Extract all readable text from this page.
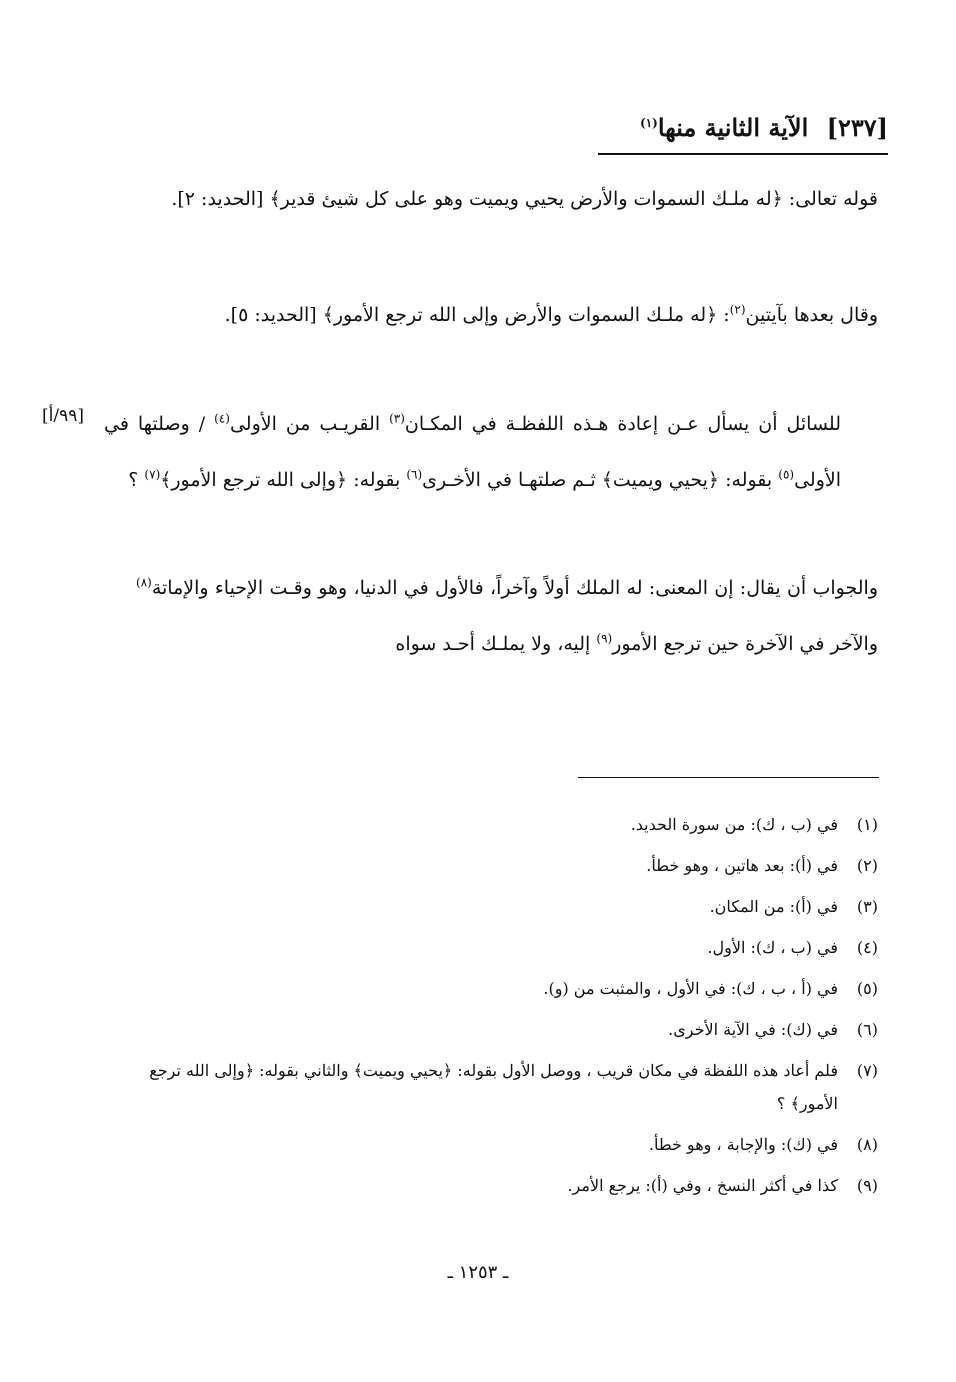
[٢٣٧] الآية الثانية منها$^{(١)}$

قوله تعالى: ﴿له ملـك السموات والأرض يحيي ويميت وهو على كل شيئ قدير﴾ [الحديد: ٢].

وقال بعدها بآيتين$^{(٢)}$: ﴿له ملـك السموات والأرض وإلى الله ترجع الأمور﴾ [الحديد: ٥].

[٩٩/أ]	للسائل أن يسأل عـن إعادة هـذه اللفظـة في المكـان$^{(٣)}$ القريـب من الأولى$^{(٤)}$ / وصلتها في الأولى$^{(٥)}$ بقوله: ﴿يحيي ويميت﴾ ثـم صلتهـا في الأخـرى$^{(٦)}$ بقوله: ﴿وإلى الله ترجع الأمور﴾$^{(٧)}$ ؟

والجواب أن يقال: إن المعنى: له الملك أولاً وآخراً، فالأول في الدنيا، وهو وقـت الإحياء والإماتة$^{(٨)}$ والآخر في الآخرة حين ترجع الأمور$^{(٩)}$ إليه، ولا يملـك أحـد سواه

(١)
في (ب ، ك): من سورة الحديد.
(٢)
في (أ): بعد هاتين ، وهو خطأ.
(٣)
في (أ): من المكان.
(٤)
في (ب ، ك): الأول.
(٥)
في (أ ، ب ، ك): في الأول ، والمثبت من (و).
(٦)
في (ك): في الآية الأخرى.
(٧)
فلم أعاد هذه اللفظة في مكان قريب ، ووصل الأول بقوله: ﴿يحيي ويميت﴾ والثاني بقوله: ﴿وإلى الله ترجع الأمور﴾ ؟
(٨)
في (ك): والإجابة ، وهو خطأ.
(٩)
كذا في أكثر النسخ ، وفي (أ): يرجع الأمر.
ـ ١٢٥٣ ـ
